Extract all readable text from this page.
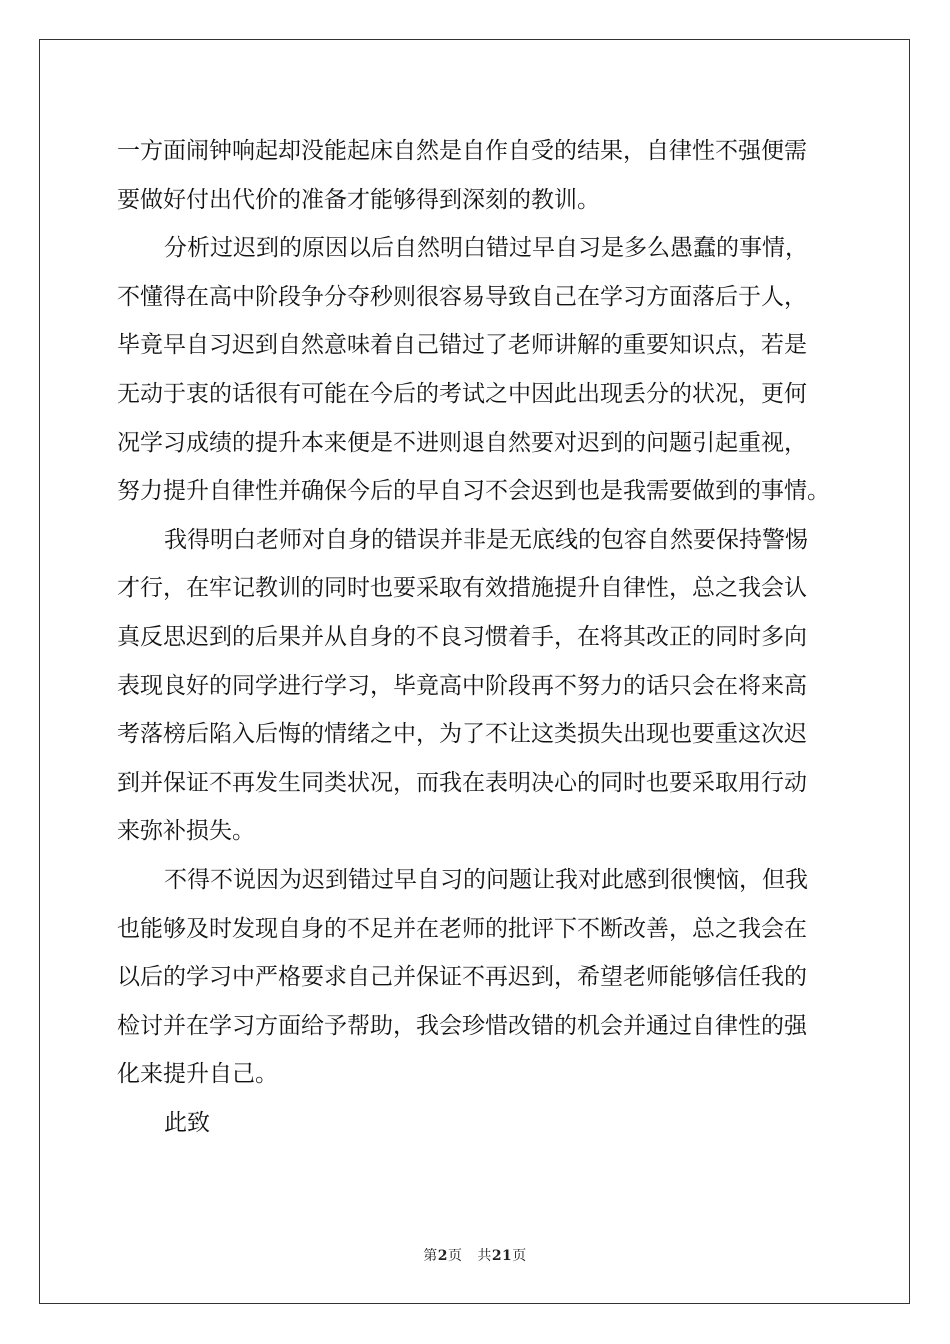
一方面闹钟响起却没能起床自然是自作自受的结果，自律性不强便需
要做好付出代价的准备才能够得到深刻的教训。
分析过迟到的原因以后自然明白错过早自习是多么愚蠢的事情，
不懂得在高中阶段争分夺秒则很容易导致自己在学习方面落后于人，
毕竟早自习迟到自然意味着自己错过了老师讲解的重要知识点，若是
无动于衷的话很有可能在今后的考试之中因此出现丢分的状况，更何
况学习成绩的提升本来便是不进则退自然要对迟到的问题引起重视，
努力提升自律性并确保今后的早自习不会迟到也是我需要做到的事情。
我得明白老师对自身的错误并非是无底线的包容自然要保持警惕
才行，在牢记教训的同时也要采取有效措施提升自律性，总之我会认
真反思迟到的后果并从自身的不良习惯着手，在将其改正的同时多向
表现良好的同学进行学习，毕竟高中阶段再不努力的话只会在将来高
考落榜后陷入后悔的情绪之中，为了不让这类损失出现也要重这次迟
到并保证不再发生同类状况，而我在表明决心的同时也要采取用行动
来弥补损失。
不得不说因为迟到错过早自习的问题让我对此感到很懊恼，但我
也能够及时发现自身的不足并在老师的批评下不断改善，总之我会在
以后的学习中严格要求自己并保证不再迟到，希望老师能够信任我的
检讨并在学习方面给予帮助，我会珍惜改错的机会并通过自律性的强
化来提升自己。
此致
第2页 共21页
